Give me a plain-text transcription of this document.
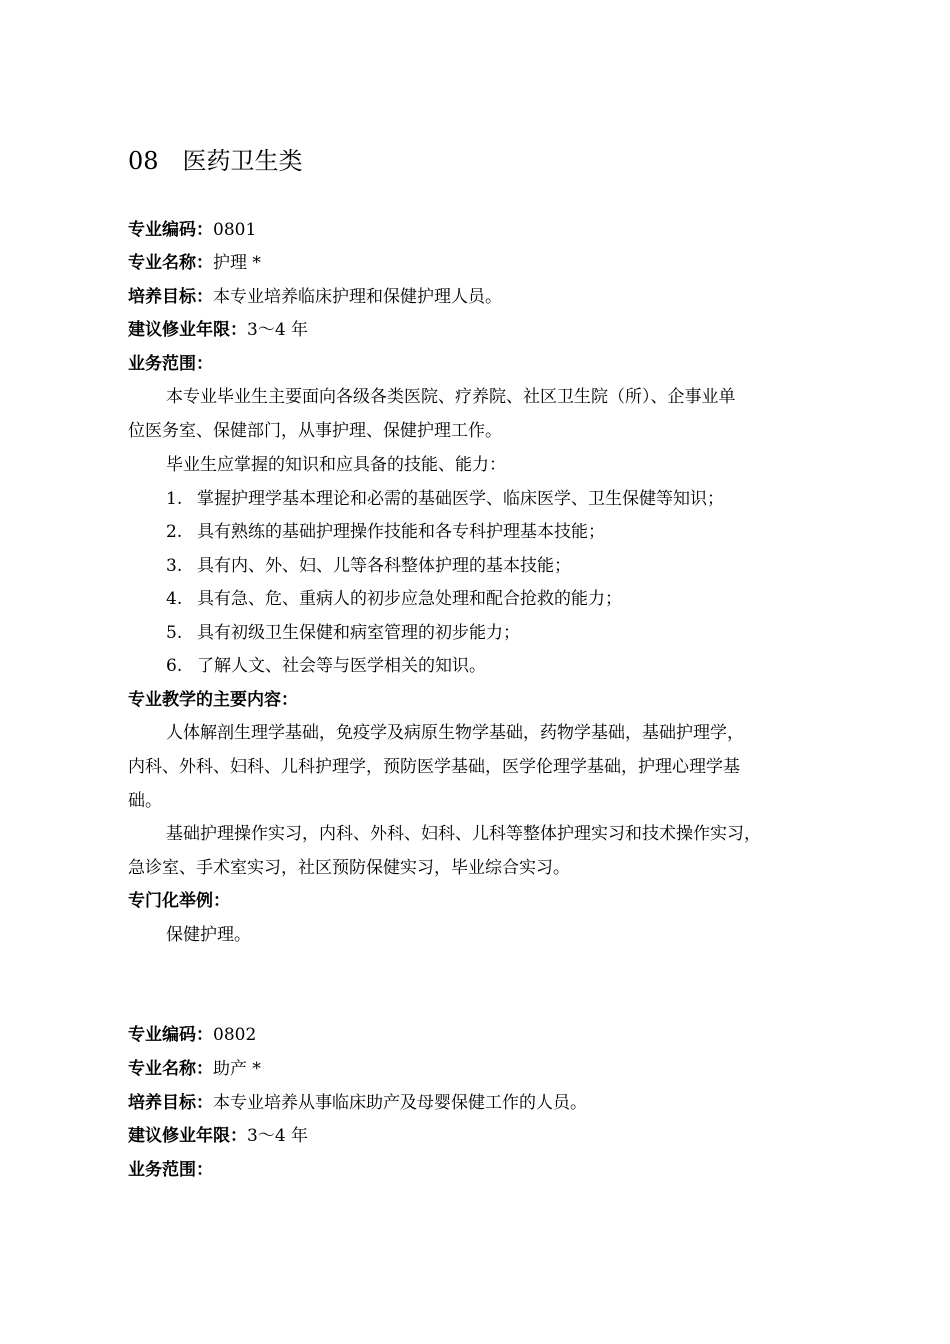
08 医药卫生类
专业编码：0801
专业名称：护理 *
培养目标：本专业培养临床护理和保健护理人员。
建议修业年限：3～4 年
业务范围：
本专业毕业生主要面向各级各类医院、疗养院、社区卫生院（所）、企事业单
位医务室、保健部门，从事护理、保健护理工作。
毕业生应掌握的知识和应具备的技能、能力：
1. 掌握护理学基本理论和必需的基础医学、临床医学、卫生保健等知识；
2. 具有熟练的基础护理操作技能和各专科护理基本技能；
3. 具有内、外、妇、儿等各科整体护理的基本技能；
4. 具有急、危、重病人的初步应急处理和配合抢救的能力；
5. 具有初级卫生保健和病室管理的初步能力；
6. 了解人文、社会等与医学相关的知识。
专业教学的主要内容：
人体解剖生理学基础，免疫学及病原生物学基础，药物学基础，基础护理学，
内科、外科、妇科、儿科护理学，预防医学基础，医学伦理学基础，护理心理学基
础。
基础护理操作实习，内科、外科、妇科、儿科等整体护理实习和技术操作实习，
急诊室、手术室实习，社区预防保健实习，毕业综合实习。
专门化举例：
保健护理。
专业编码：0802
专业名称：助产 *
培养目标：本专业培养从事临床助产及母婴保健工作的人员。
建议修业年限：3～4 年
业务范围：
